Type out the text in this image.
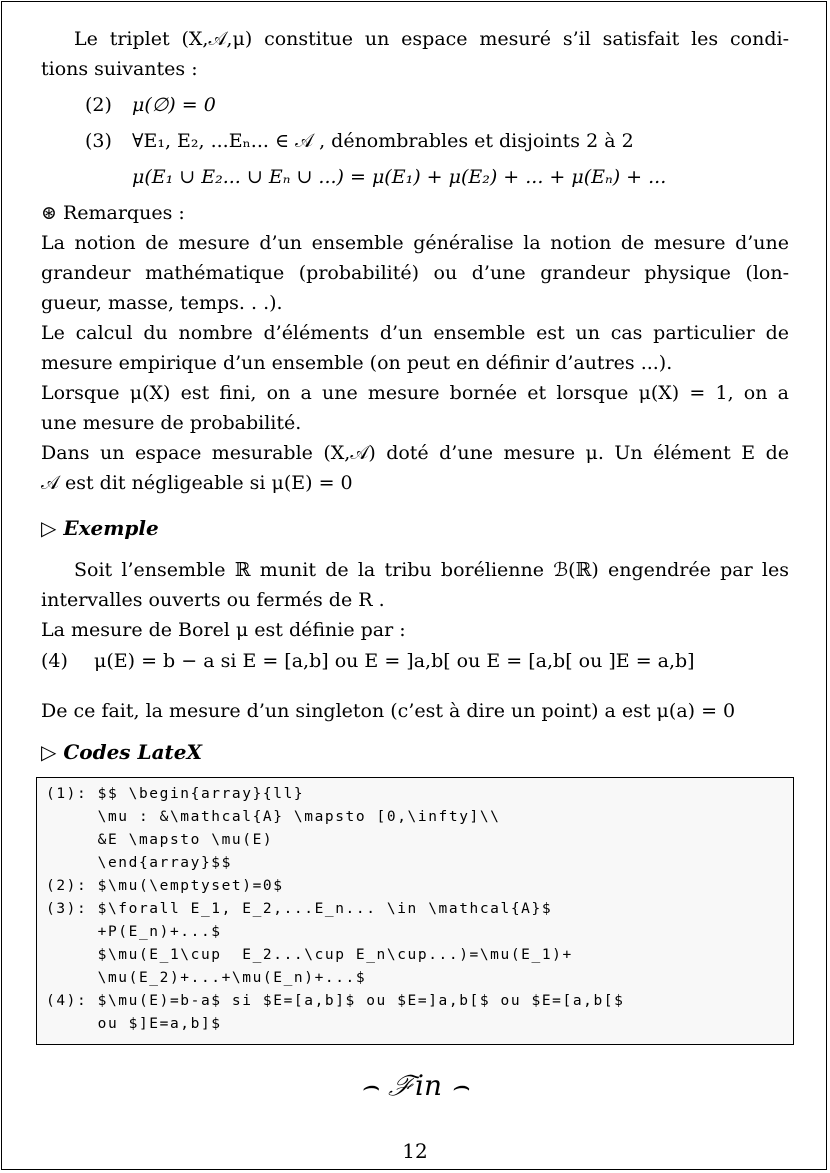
Le triplet (X,𝒜,μ) constitue un espace mesuré s’il satisfait les condi-
tions suivantes :
(2) μ(∅) = 0
(3) ∀E₁, E₂, ...Eₙ... ∈ 𝒜 , dénombrables et disjoints 2 à 2
μ(E₁ ∪ E₂... ∪ Eₙ ∪ ...) = μ(E₁) + μ(E₂) + ... + μ(Eₙ) + ...
⊛ Remarques :
La notion de mesure d’un ensemble généralise la notion de mesure d’une
grandeur mathématique (probabilité) ou d’une grandeur physique (lon-
gueur, masse, temps. . .).
Le calcul du nombre d’éléments d’un ensemble est un cas particulier de
mesure empirique d’un ensemble (on peut en définir d’autres ...).
Lorsque μ(X) est fini, on a une mesure bornée et lorsque μ(X) = 1, on a
une mesure de probabilité.
Dans un espace mesurable (X,𝒜) doté d’une mesure μ. Un élément E de
𝒜 est dit négligeable si μ(E) = 0
▷ Exemple
Soit l’ensemble ℝ munit de la tribu borélienne ℬ(ℝ) engendrée par les
intervalles ouverts ou fermés de R .
La mesure de Borel μ est définie par :
(4) μ(E) = b − a si E = [a,b] ou E = ]a,b[ ou E = [a,b[ ou ]E = a,b]
De ce fait, la mesure d’un singleton (c’est à dire un point) a est μ(a) = 0
▷ Codes LateX
(1): $$ \begin{array}{ll}
\mu : &\mathcal{A} \mapsto [0,\infty]\\
&E \mapsto \mu(E)
\end{array}$$
(2): $\mu(\emptyset)=0$
(3): $\forall E_1, E_2,...E_n... \in \mathcal{A}$
+P(E_n)+...$
$\mu(E_1\cup  E_2...\cup E_n\cup...)=\mu(E_1)+
\mu(E_2)+...+\mu(E_n)+...$
(4): $\mu(E)=b-a$ si $E=[a,b]$ ou $E=]a,b[$ ou $E=[a,b[$
ou $]E=a,b]$
⌢ ℱin ⌢
12
